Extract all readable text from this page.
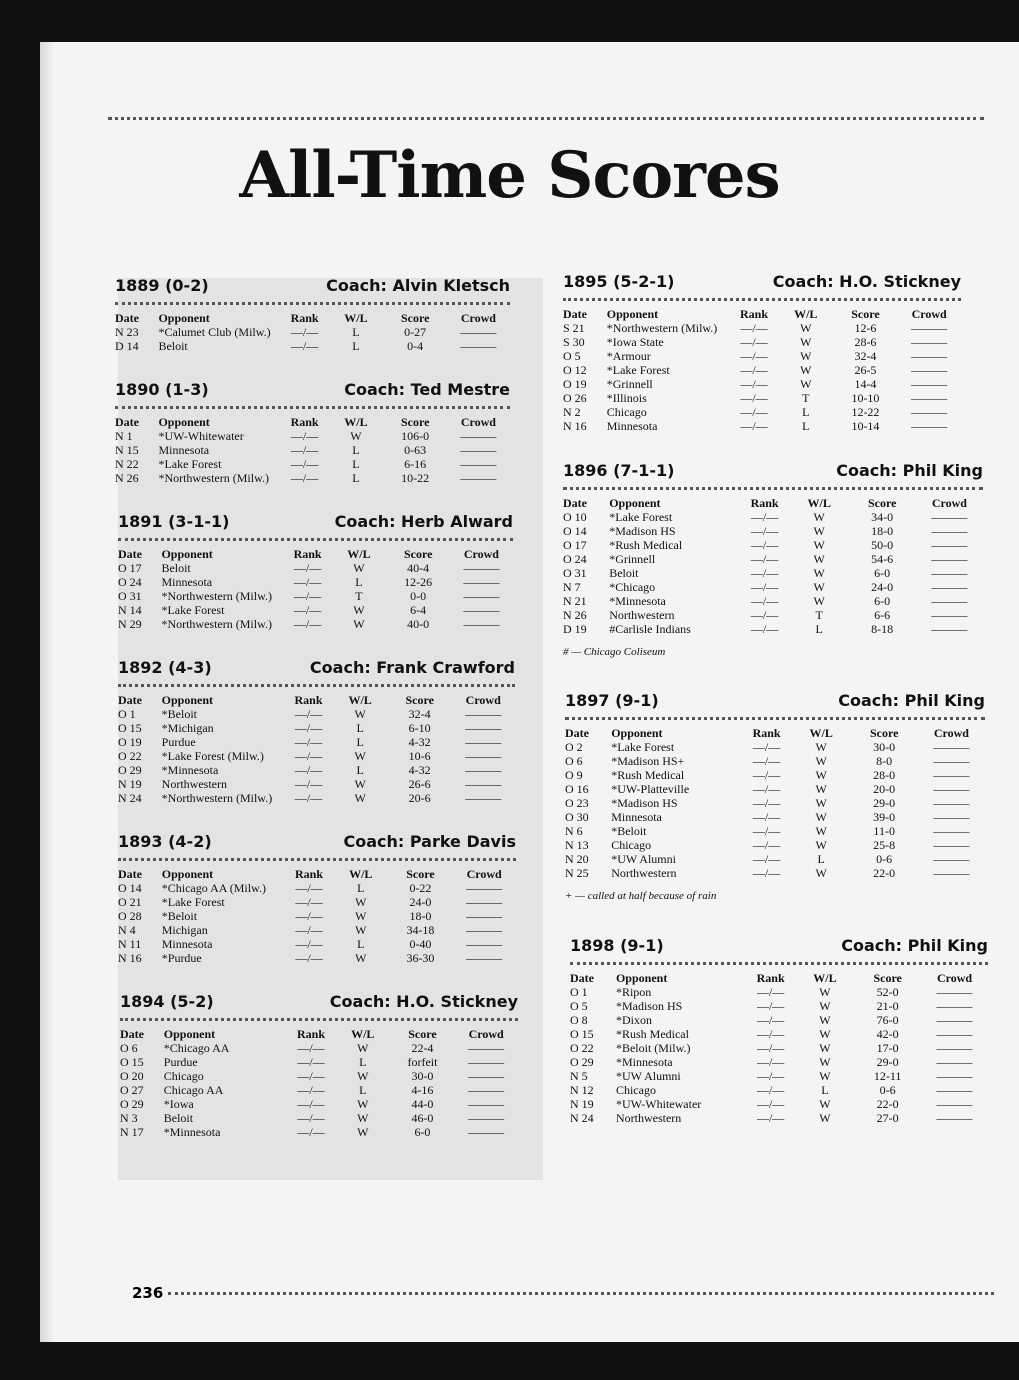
All-Time Scores
1889 (0-2)	Coach: Alvin Kletsch
Date	Opponent	Rank	W/L	Score	Crowd
N 23	*Calumet Club (Milw.)	—/—	L	0-27	———
D 14	Beloit	—/—	L	0-4	———
1890 (1-3)	Coach: Ted Mestre
Date	Opponent	Rank	W/L	Score	Crowd
N 1	*UW-Whitewater	—/—	W	106-0	———
N 15	Minnesota	—/—	L	0-63	———
N 22	*Lake Forest	—/—	L	6-16	———
N 26	*Northwestern (Milw.)	—/—	L	10-22	———
1891 (3-1-1)	Coach: Herb Alward
Date	Opponent	Rank	W/L	Score	Crowd
O 17	Beloit	—/—	W	40-4	———
O 24	Minnesota	—/—	L	12-26	———
O 31	*Northwestern (Milw.)	—/—	T	0-0	———
N 14	*Lake Forest	—/—	W	6-4	———
N 29	*Northwestern (Milw.)	—/—	W	40-0	———
1892 (4-3)	Coach: Frank Crawford
Date	Opponent	Rank	W/L	Score	Crowd
O 1	*Beloit	—/—	W	32-4	———
O 15	*Michigan	—/—	L	6-10	———
O 19	Purdue	—/—	L	4-32	———
O 22	*Lake Forest (Milw.)	—/—	W	10-6	———
O 29	*Minnesota	—/—	L	4-32	———
N 19	Northwestern	—/—	W	26-6	———
N 24	*Northwestern (Milw.)	—/—	W	20-6	———
1893 (4-2)	Coach: Parke Davis
Date	Opponent	Rank	W/L	Score	Crowd
O 14	*Chicago AA (Milw.)	—/—	L	0-22	———
O 21	*Lake Forest	—/—	W	24-0	———
O 28	*Beloit	—/—	W	18-0	———
N 4	Michigan	—/—	W	34-18	———
N 11	Minnesota	—/—	L	0-40	———
N 16	*Purdue	—/—	W	36-30	———
1894 (5-2)	Coach: H.O. Stickney
Date	Opponent	Rank	W/L	Score	Crowd
O 6	*Chicago AA	—/—	W	22-4	———
O 15	Purdue	—/—	L	forfeit	———
O 20	Chicago	—/—	W	30-0	———
O 27	Chicago AA	—/—	L	4-16	———
O 29	*Iowa	—/—	W	44-0	———
N 3	Beloit	—/—	W	46-0	———
N 17	*Minnesota	—/—	W	6-0	———
1895 (5-2-1)	Coach: H.O. Stickney
Date	Opponent	Rank	W/L	Score	Crowd
S 21	*Northwestern (Milw.)	—/—	W	12-6	———
S 30	*Iowa State	—/—	W	28-6	———
O 5	*Armour	—/—	W	32-4	———
O 12	*Lake Forest	—/—	W	26-5	———
O 19	*Grinnell	—/—	W	14-4	———
O 26	*Illinois	—/—	T	10-10	———
N 2	Chicago	—/—	L	12-22	———
N 16	Minnesota	—/—	L	10-14	———
1896 (7-1-1)	Coach: Phil King
Date	Opponent	Rank	W/L	Score	Crowd
O 10	*Lake Forest	—/—	W	34-0	———
O 14	*Madison HS	—/—	W	18-0	———
O 17	*Rush Medical	—/—	W	50-0	———
O 24	*Grinnell	—/—	W	54-6	———
O 31	Beloit	—/—	W	6-0	———
N 7	*Chicago	—/—	W	24-0	———
N 21	*Minnesota	—/—	W	6-0	———
N 26	Northwestern	—/—	T	6-6	———
D 19	#Carlisle Indians	—/—	L	8-18	———
# — Chicago Coliseum
1897 (9-1)	Coach: Phil King
Date	Opponent	Rank	W/L	Score	Crowd
O 2	*Lake Forest	—/—	W	30-0	———
O 6	*Madison HS+	—/—	W	8-0	———
O 9	*Rush Medical	—/—	W	28-0	———
O 16	*UW-Platteville	—/—	W	20-0	———
O 23	*Madison HS	—/—	W	29-0	———
O 30	Minnesota	—/—	W	39-0	———
N 6	*Beloit	—/—	W	11-0	———
N 13	Chicago	—/—	W	25-8	———
N 20	*UW Alumni	—/—	L	0-6	———
N 25	Northwestern	—/—	W	22-0	———
+ — called at half because of rain
1898 (9-1)	Coach: Phil King
Date	Opponent	Rank	W/L	Score	Crowd
O 1	*Ripon	—/—	W	52-0	———
O 5	*Madison HS	—/—	W	21-0	———
O 8	*Dixon	—/—	W	76-0	———
O 15	*Rush Medical	—/—	W	42-0	———
O 22	*Beloit (Milw.)	—/—	W	17-0	———
O 29	*Minnesota	—/—	W	29-0	———
N 5	*UW Alumni	—/—	W	12-11	———
N 12	Chicago	—/—	L	0-6	———
N 19	*UW-Whitewater	—/—	W	22-0	———
N 24	Northwestern	—/—	W	27-0	———
236
